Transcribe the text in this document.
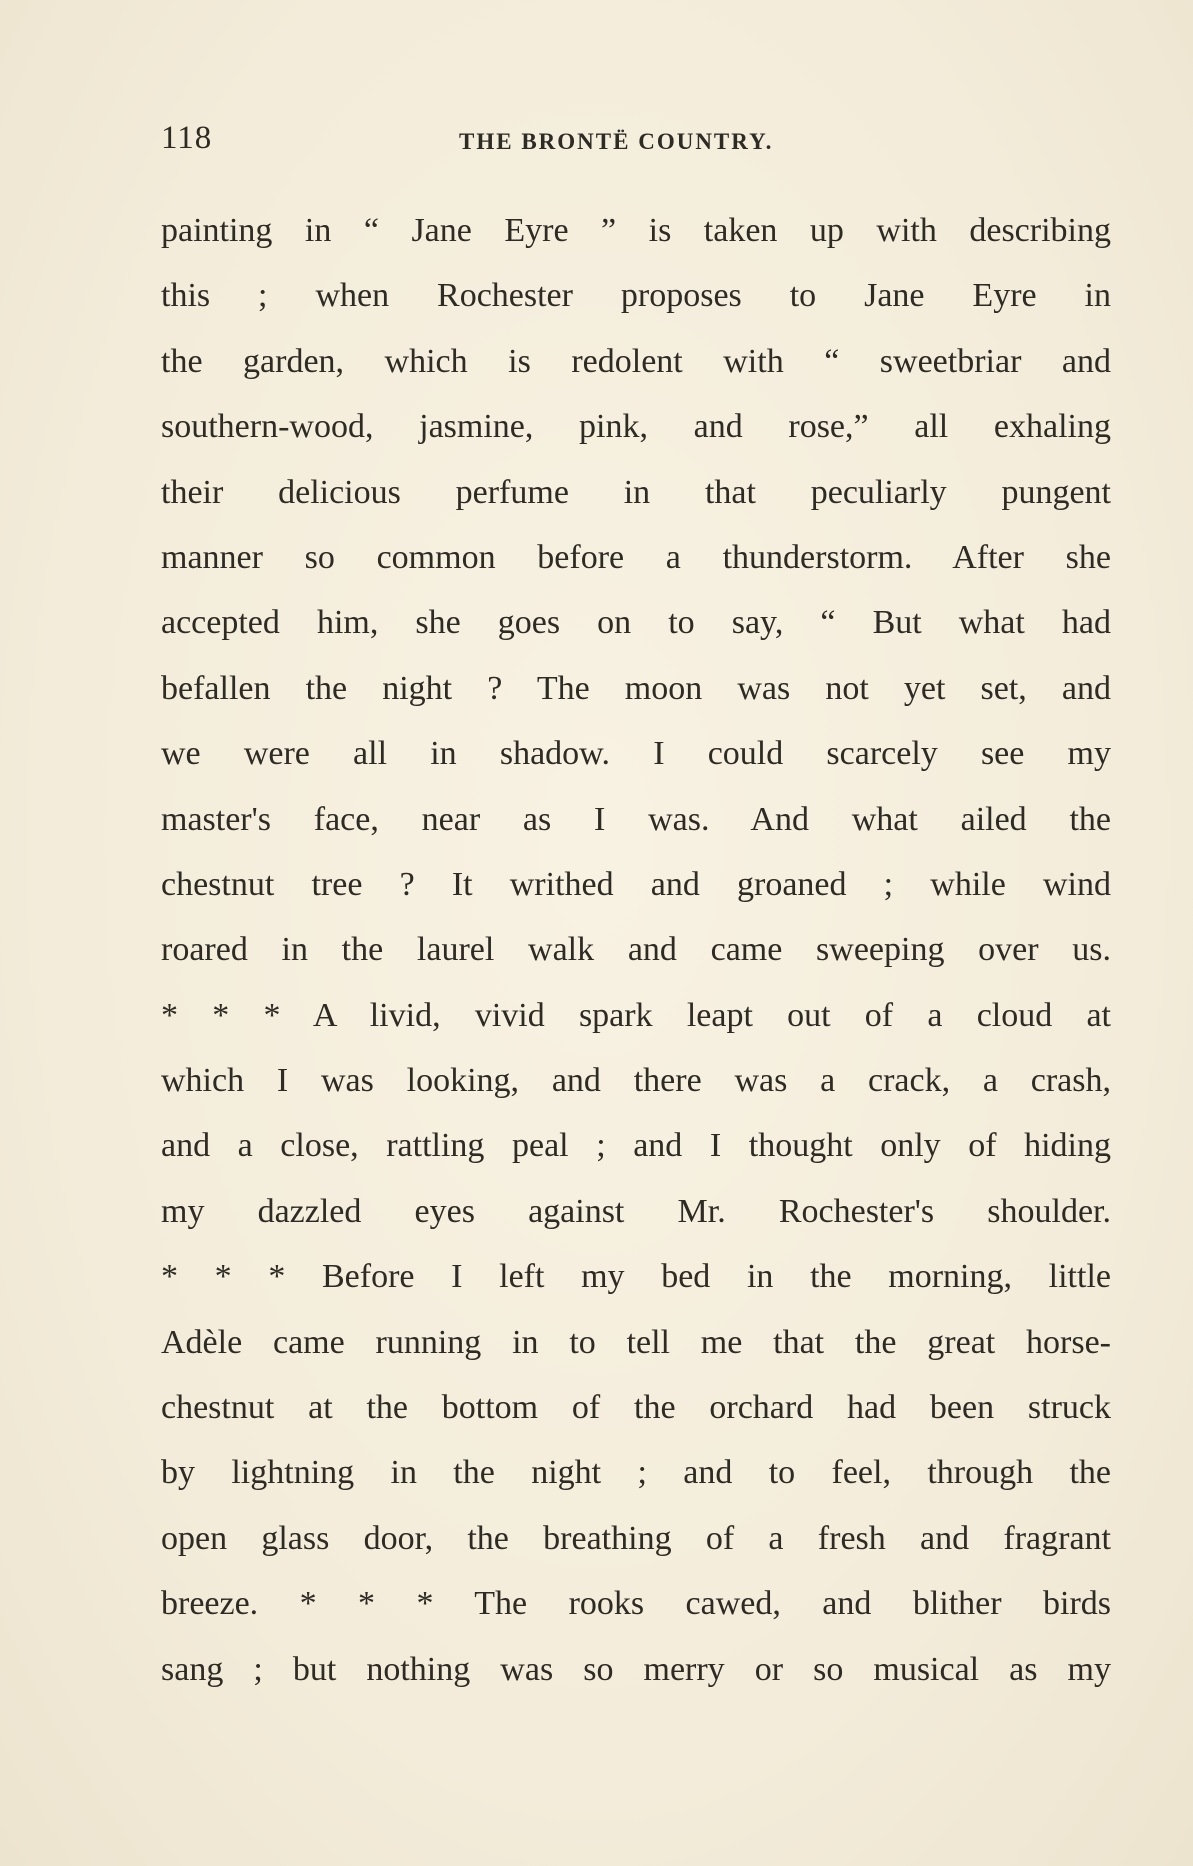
118	THE BRONTË COUNTRY.
painting in “ Jane Eyre ” is taken up with describing
this ; when Rochester proposes to Jane Eyre in
the garden, which is redolent with “ sweetbriar and
southern-wood, jasmine, pink, and rose,” all exhaling
their delicious perfume in that peculiarly pungent
manner so common before a thunderstorm. After she
accepted him, she goes on to say, “ But what had
befallen the night ? The moon was not yet set, and
we were all in shadow. I could scarcely see my
master's face, near as I was. And what ailed the
chestnut tree ? It writhed and groaned ; while wind
roared in the laurel walk and came sweeping over us.
* * * A livid, vivid spark leapt out of a cloud at
which I was looking, and there was a crack, a crash,
and a close, rattling peal ; and I thought only of hiding
my dazzled eyes against Mr. Rochester's shoulder.
* * * Before I left my bed in the morning, little
Adèle came running in to tell me that the great horse-
chestnut at the bottom of the orchard had been struck
by lightning in the night ; and to feel, through the
open glass door, the breathing of a fresh and fragrant
breeze. * * * The rooks cawed, and blither birds
sang ; but nothing was so merry or so musical as my
